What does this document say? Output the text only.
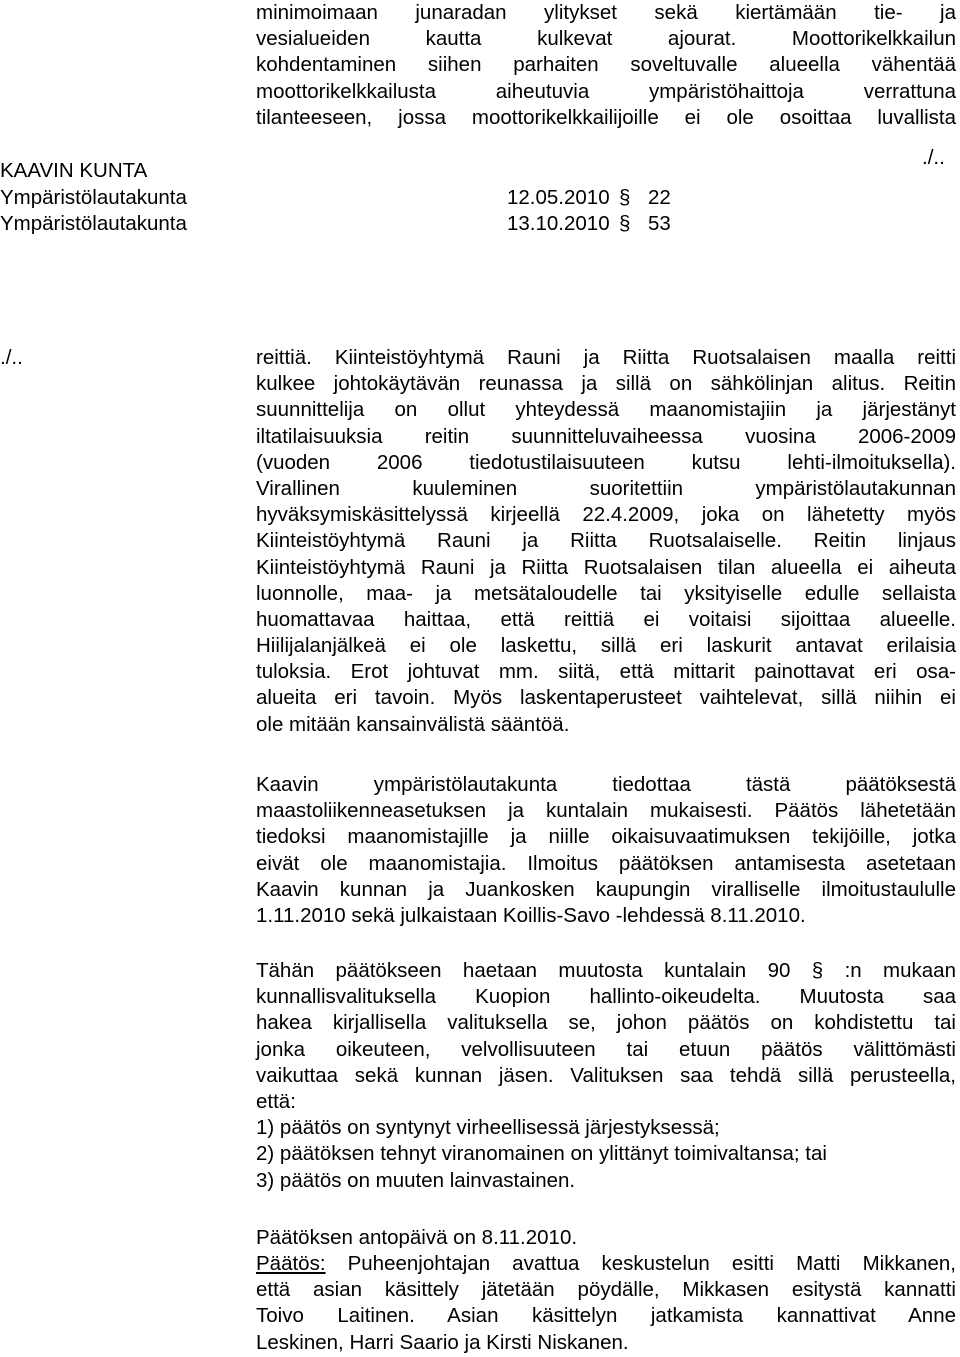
minimoimaan junaradan ylitykset sekä kiertämään tie- ja
vesialueiden kautta kulkevat ajourat. Moottorikelkkailun
kohdentaminen siihen parhaiten soveltuvalle alueella vähentää
moottorikelkkailusta aiheutuvia ympäristöhaittoja verrattuna
tilanteeseen, jossa moottorikelkkailijoille ei ole osoittaa luvallista
./..
KAAVIN KUNTA
Ympäristölautakunta	12.05.2010 § 22
Ympäristölautakunta	13.10.2010 § 53
./..	reittiä. Kiinteistöyhtymä Rauni ja Riitta Ruotsalaisen maalla reitti
kulkee johtokäytävän reunassa ja sillä on sähkölinjan alitus. Reitin
suunnittelija on ollut yhteydessä maanomistajiin ja järjestänyt
iltatilaisuuksia reitin suunnitteluvaiheessa vuosina 2006-2009
(vuoden 2006 tiedotustilaisuuteen kutsu lehti-ilmoituksella).
Virallinen kuuleminen suoritettiin ympäristölautakunnan
hyväksymiskäsittelyssä kirjeellä 22.4.2009, joka on lähetetty myös
Kiinteistöyhtymä Rauni ja Riitta Ruotsalaiselle. Reitin linjaus
Kiinteistöyhtymä Rauni ja Riitta Ruotsalaisen tilan alueella ei aiheuta
luonnolle, maa- ja metsätaloudelle tai yksityiselle edulle sellaista
huomattavaa haittaa, että reittiä ei voitaisi sijoittaa alueelle.
Hiilijalanjälkeä ei ole laskettu, sillä eri laskurit antavat erilaisia
tuloksia. Erot johtuvat mm. siitä, että mittarit painottavat eri osa-
alueita eri tavoin. Myös laskentaperusteet vaihtelevat, sillä niihin ei
ole mitään kansainvälistä sääntöä.
Kaavin ympäristölautakunta tiedottaa tästä päätöksestä
maastoliikenneasetuksen ja kuntalain mukaisesti. Päätös lähetetään
tiedoksi maanomistajille ja niille oikaisuvaatimuksen tekijöille, jotka
eivät ole maanomistajia. Ilmoitus päätöksen antamisesta asetetaan
Kaavin kunnan ja Juankosken kaupungin viralliselle ilmoitustaululle
1.11.2010 sekä julkaistaan Koillis-Savo -lehdessä 8.11.2010.
Tähän päätökseen haetaan muutosta kuntalain 90 § :n mukaan
kunnallisvalituksella Kuopion hallinto-oikeudelta. Muutosta saa
hakea kirjallisella valituksella se, johon päätös on kohdistettu tai
jonka oikeuteen, velvollisuuteen tai etuun päätös välittömästi
vaikuttaa sekä kunnan jäsen. Valituksen saa tehdä sillä perusteella,
että:
1) päätös on syntynyt virheellisessä järjestyksessä;
2) päätöksen tehnyt viranomainen on ylittänyt toimivaltansa; tai
3) päätös on muuten lainvastainen.
Päätöksen antopäivä on 8.11.2010.
Päätös: Puheenjohtajan avattua keskustelun esitti Matti Mikkanen,
että asian käsittely jätetään pöydälle, Mikkasen esitystä kannatti
Toivo Laitinen. Asian käsittelyn jatkamista kannattivat Anne
Leskinen, Harri Saario ja Kirsti Niskanen.
